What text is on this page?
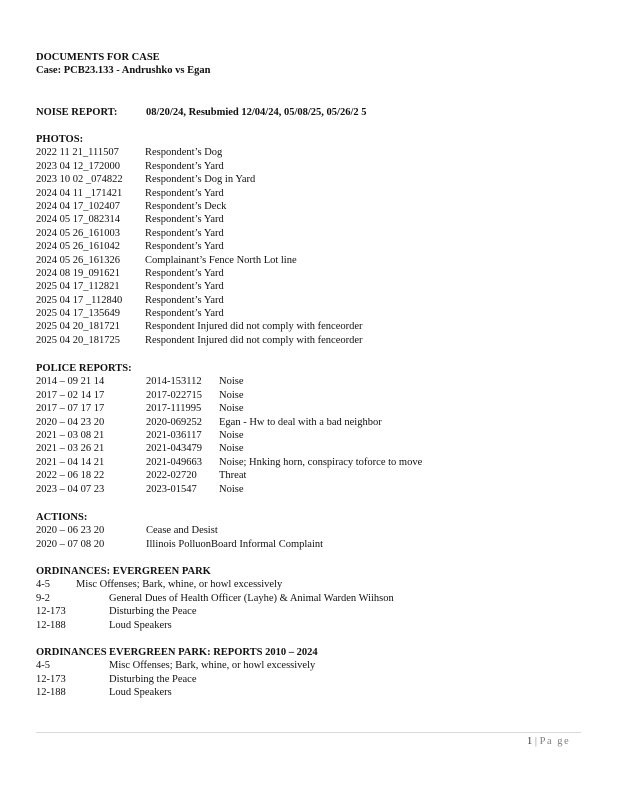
DOCUMENTS FOR CASE
Case: PCB23.133 - Andrushko vs Egan
NOISE REPORT:	08/20/24, Resubmied 12/04/24, 05/08/25, 05/26/2 5
PHOTOS:
2022 11 21_111507 Respondent’s Dog
2023 04 12_172000 Respondent’s Yard
2023 10 02 _074822 Respondent’s Dog in Yard
2024 04 11 _171421 Respondent’s Yard
2024 04 17_102407 Respondent’s Deck
2024 05 17_082314 Respondent’s Yard
2024 05 26_161003 Respondent’s Yard
2024 05 26_161042 Respondent’s Yard
2024 05 26_161326 Complainant’s Fence North Lot line
2024 08 19_091621 Respondent’s Yard
2025 04 17_112821 Respondent’s Yard
2025 04 17 _112840 Respondent’s Yard
2025 04 17_135649 Respondent’s Yard
2025 04 20_181721 Respondent Injured did not comply with fenceorder
2025 04 20_181725 Respondent Injured did not comply with fenceorder
POLICE REPORTS:
2014 – 09 21 14	2014-153112 Noise
2017 – 02 14 17	2017-022715 Noise
2017 – 07 17 17	2017-111995 Noise
2020 – 04 23 20	2020-069252 Egan - Hw to deal with a bad neighbor
2021 – 03 08 21	2021-036117 Noise
2021 – 03 26 21	2021-043479 Noise
2021 – 04 14 21	2021-049663 Noise; Hnking horn, conspiracy toforce to move
2022 – 06 18 22	2022-02720 Threat
2023 – 04 07 23	2023-01547 Noise
ACTIONS:
2020 – 06 23 20	Cease and Desist
2020 – 07 08 20	Illinois PolluonBoard Informal Complaint
ORDINANCES: EVERGREEN PARK
4-5 Misc Offenses; Bark, whine, or howl excessively
9-2	General Dues of Health Officer (Layhe) & Animal Warden Wiihson
12-173	Disturbing the Peace
12-188	Loud Speakers
ORDINANCES EVERGREEN PARK: REPORTS 2010 – 2024
4-5	Misc Offenses; Bark, whine, or howl excessively
12-173	Disturbing the Peace
12-188	Loud Speakers
1 | Pa ge
